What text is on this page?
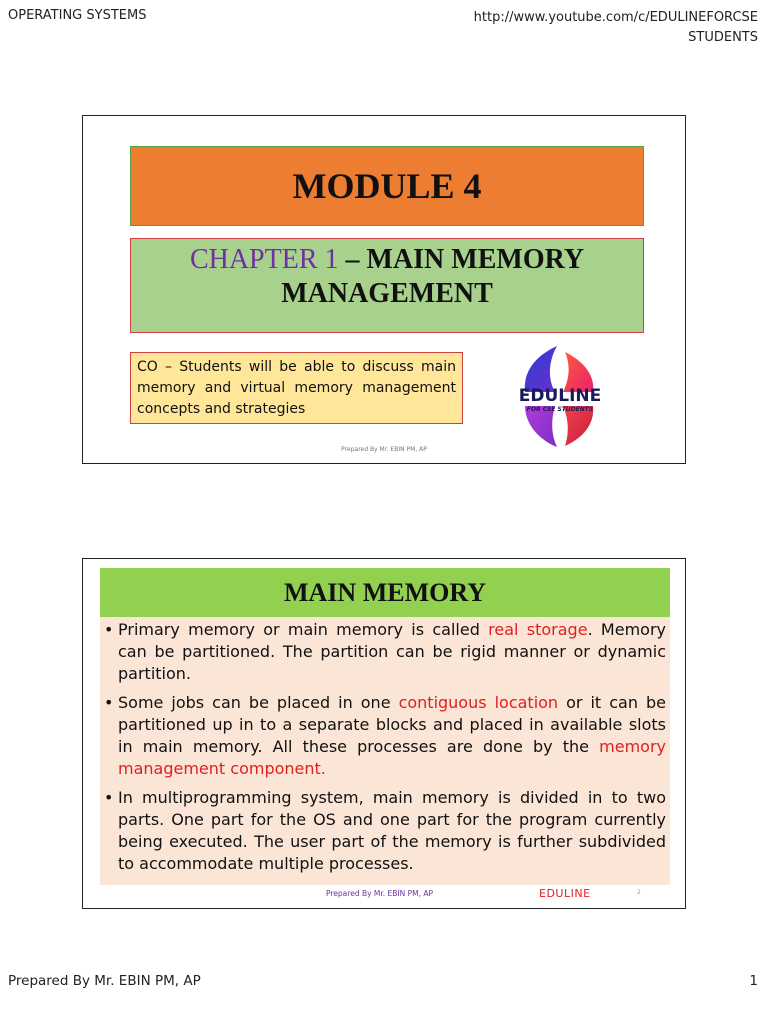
OPERATING SYSTEMS	http://www.youtube.com/c/EDULINEFORCSE
STUDENTS
MODULE 4
CHAPTER 1 – MAIN MEMORY MANAGEMENT
CO – Students will be able to discuss main memory and virtual memory management concepts and strategies
EDULINE
FOR CSE STUDENTS
Prepared By Mr. EBIN PM, AP
MAIN MEMORY
• Primary memory or main memory is called real storage. Memory can be partitioned. The partition can be rigid manner or dynamic partition.
• Some jobs can be placed in one contiguous location or it can be partitioned up in to a separate blocks and placed in available slots in main memory. All these processes are done by the memory management component.
• In multiprogramming system, main memory is divided in to two parts. One part for the OS and one part for the program currently being executed. The user part of the memory is further subdivided to accommodate multiple processes.
Prepared By Mr. EBIN PM, AP	EDULINE	2
Prepared By Mr. EBIN PM, AP	1
